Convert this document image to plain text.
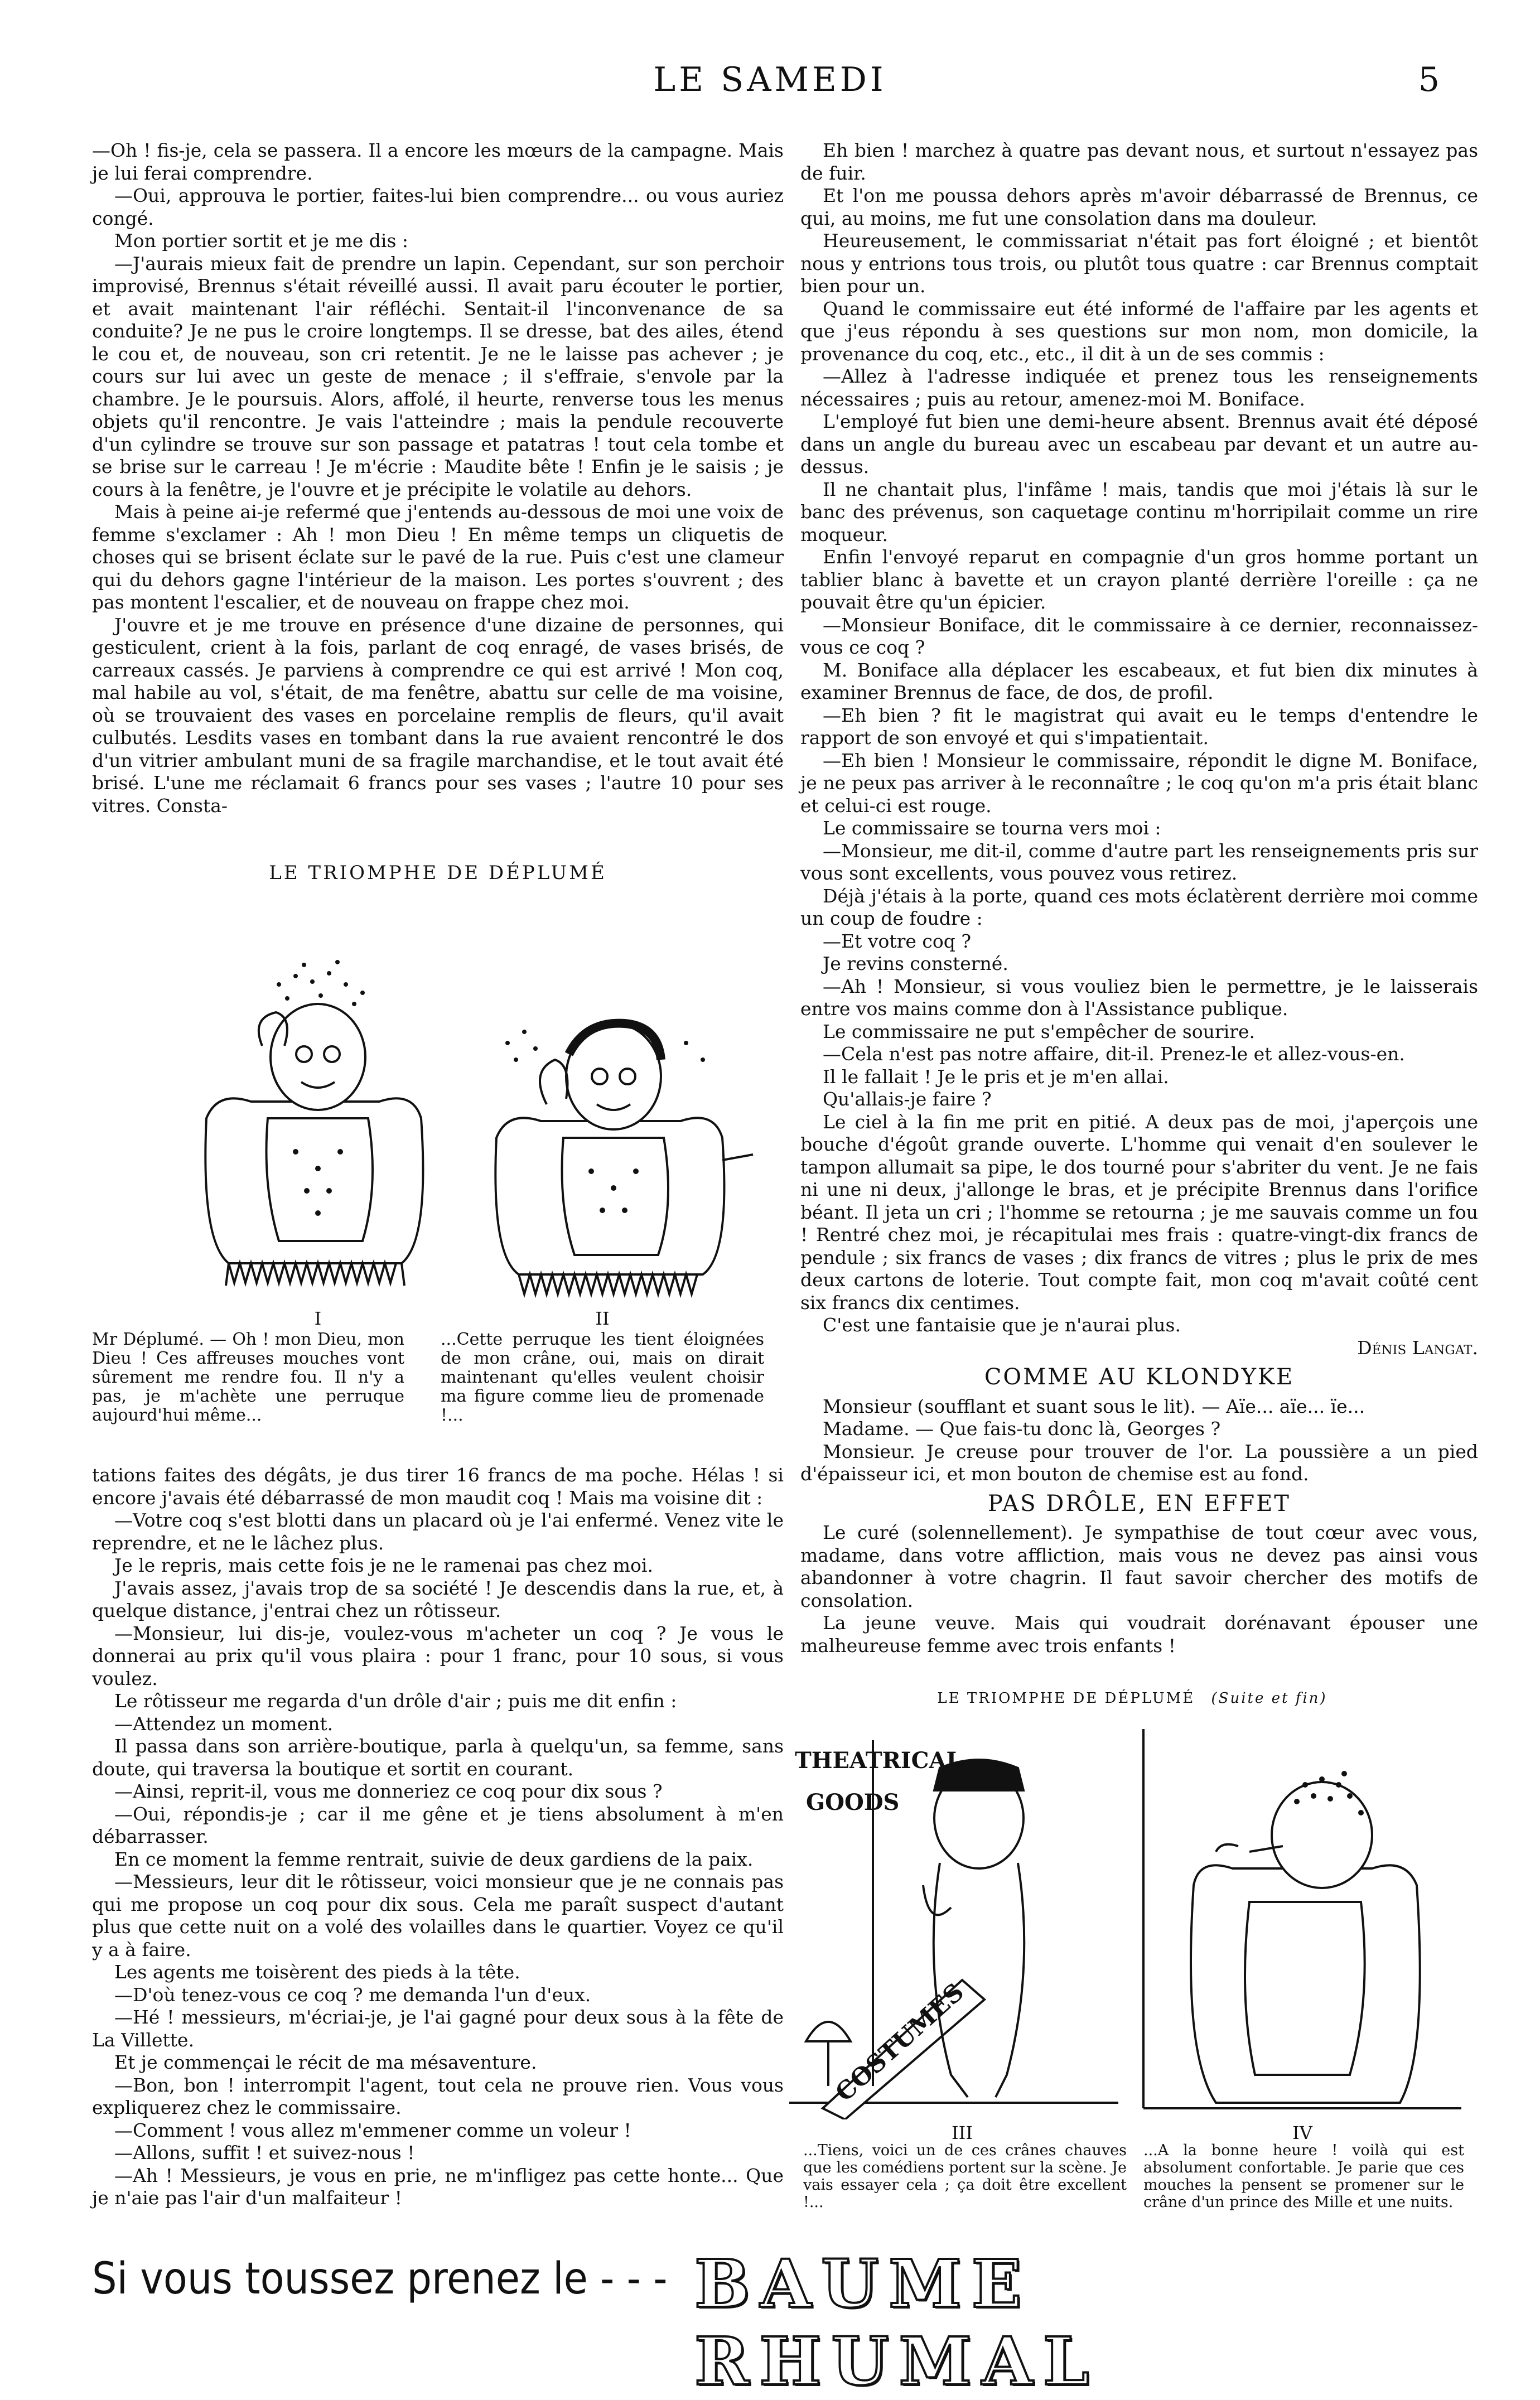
LE SAMEDI	5

—Oh ! fis-je, cela se passera. Il a encore les mœurs de la campagne. Mais je lui ferai comprendre.

—Oui, approuva le portier, faites-lui bien comprendre... ou vous auriez congé.

Mon portier sortit et je me dis :

—J'aurais mieux fait de prendre un lapin. Cependant, sur son perchoir improvisé, Brennus s'était réveillé aussi. Il avait paru écouter le portier, et avait maintenant l'air réfléchi. Sentait-il l'inconvenance de sa conduite? Je ne pus le croire longtemps. Il se dresse, bat des ailes, étend le cou et, de nouveau, son cri retentit. Je ne le laisse pas achever ; je cours sur lui avec un geste de menace ; il s'effraie, s'envole par la chambre. Je le poursuis. Alors, affolé, il heurte, renverse tous les menus objets qu'il rencontre. Je vais l'atteindre ; mais la pendule recouverte d'un cylindre se trouve sur son passage et patatras ! tout cela tombe et se brise sur le carreau ! Je m'écrie : Maudite bête ! Enfin je le saisis ; je cours à la fenêtre, je l'ouvre et je précipite le volatile au dehors.

Mais à peine ai-je refermé que j'entends au-dessous de moi une voix de femme s'exclamer : Ah ! mon Dieu ! En même temps un cliquetis de choses qui se brisent éclate sur le pavé de la rue. Puis c'est une clameur qui du dehors gagne l'intérieur de la maison. Les portes s'ouvrent ; des pas montent l'escalier, et de nouveau on frappe chez moi.

J'ouvre et je me trouve en présence d'une dizaine de personnes, qui gesticulent, crient à la fois, parlant de coq enragé, de vases brisés, de carreaux cassés. Je parviens à comprendre ce qui est arrivé ! Mon coq, mal habile au vol, s'était, de ma fenêtre, abattu sur celle de ma voisine, où se trouvaient des vases en porcelaine remplis de fleurs, qu'il avait culbutés. Lesdits vases en tombant dans la rue avaient rencontré le dos d'un vitrier ambulant muni de sa fragile marchandise, et le tout avait été brisé. L'une me réclamait 6 francs pour ses vases ; l'autre 10 pour ses vitres. Consta-

LE TRIOMPHE DE DÉPLUMÉ
I
Mr Déplumé. — Oh ! mon Dieu, mon Dieu ! Ces affreuses mouches vont sûrement me rendre fou. Il n'y a pas, je m'achète une perruque aujourd'hui même...
II
...Cette perruque les tient éloignées de mon crâne, oui, mais on dirait maintenant qu'elles veulent choisir ma figure comme lieu de promenade !...

tations faites des dégâts, je dus tirer 16 francs de ma poche. Hélas ! si encore j'avais été débarrassé de mon maudit coq ! Mais ma voisine dit :

—Votre coq s'est blotti dans un placard où je l'ai enfermé. Venez vite le reprendre, et ne le lâchez plus.

Je le repris, mais cette fois je ne le ramenai pas chez moi.

J'avais assez, j'avais trop de sa société ! Je descendis dans la rue, et, à quelque distance, j'entrai chez un rôtisseur.

—Monsieur, lui dis-je, voulez-vous m'acheter un coq ? Je vous le donnerai au prix qu'il vous plaira : pour 1 franc, pour 10 sous, si vous voulez.

Le rôtisseur me regarda d'un drôle d'air ; puis me dit enfin :

—Attendez un moment.

Il passa dans son arrière-boutique, parla à quelqu'un, sa femme, sans doute, qui traversa la boutique et sortit en courant.

—Ainsi, reprit-il, vous me donneriez ce coq pour dix sous ?

—Oui, répondis-je ; car il me gêne et je tiens absolument à m'en débarrasser.

En ce moment la femme rentrait, suivie de deux gardiens de la paix.

—Messieurs, leur dit le rôtisseur, voici monsieur que je ne connais pas qui me propose un coq pour dix sous. Cela me paraît suspect d'autant plus que cette nuit on a volé des volailles dans le quartier. Voyez ce qu'il y a à faire.

Les agents me toisèrent des pieds à la tête.

—D'où tenez-vous ce coq ? me demanda l'un d'eux.

—Hé ! messieurs, m'écriai-je, je l'ai gagné pour deux sous à la fête de La Villette.

Et je commençai le récit de ma mésaventure.

—Bon, bon ! interrompit l'agent, tout cela ne prouve rien. Vous vous expliquerez chez le commissaire.

—Comment ! vous allez m'emmener comme un voleur !

—Allons, suffit ! et suivez-nous !

—Ah ! Messieurs, je vous en prie, ne m'infligez pas cette honte... Que je n'aie pas l'air d'un malfaiteur !

Eh bien ! marchez à quatre pas devant nous, et surtout n'essayez pas de fuir.

Et l'on me poussa dehors après m'avoir débarrassé de Brennus, ce qui, au moins, me fut une consolation dans ma douleur.

Heureusement, le commissariat n'était pas fort éloigné ; et bientôt nous y entrions tous trois, ou plutôt tous quatre : car Brennus comptait bien pour un.

Quand le commissaire eut été informé de l'affaire par les agents et que j'eus répondu à ses questions sur mon nom, mon domicile, la provenance du coq, etc., etc., il dit à un de ses commis :

—Allez à l'adresse indiquée et prenez tous les renseignements nécessaires ; puis au retour, amenez-moi M. Boniface.

L'employé fut bien une demi-heure absent. Brennus avait été déposé dans un angle du bureau avec un escabeau par devant et un autre au-dessus.

Il ne chantait plus, l'infâme ! mais, tandis que moi j'étais là sur le banc des prévenus, son caquetage continu m'horripilait comme un rire moqueur.

Enfin l'envoyé reparut en compagnie d'un gros homme portant un tablier blanc à bavette et un crayon planté derrière l'oreille : ça ne pouvait être qu'un épicier.

—Monsieur Boniface, dit le commissaire à ce dernier, reconnaissez-vous ce coq ?

M. Boniface alla déplacer les escabeaux, et fut bien dix minutes à examiner Brennus de face, de dos, de profil.

—Eh bien ? fit le magistrat qui avait eu le temps d'entendre le rapport de son envoyé et qui s'impatientait.

—Eh bien ! Monsieur le commissaire, répondit le digne M. Boniface, je ne peux pas arriver à le reconnaître ; le coq qu'on m'a pris était blanc et celui-ci est rouge.

Le commissaire se tourna vers moi :

—Monsieur, me dit-il, comme d'autre part les renseignements pris sur vous sont excellents, vous pouvez vous retirez.

Déjà j'étais à la porte, quand ces mots éclatèrent derrière moi comme un coup de foudre :

—Et votre coq ?

Je revins consterné.

—Ah ! Monsieur, si vous vouliez bien le permettre, je le laisserais entre vos mains comme don à l'Assistance publique.

Le commissaire ne put s'empêcher de sourire.

—Cela n'est pas notre affaire, dit-il. Prenez-le et allez-vous-en.

Il le fallait ! Je le pris et je m'en allai.

Qu'allais-je faire ?

Le ciel à la fin me prit en pitié. A deux pas de moi, j'aperçois une bouche d'égoût grande ouverte. L'homme qui venait d'en soulever le tampon allumait sa pipe, le dos tourné pour s'abriter du vent. Je ne fais ni une ni deux, j'allonge le bras, et je précipite Brennus dans l'orifice béant. Il jeta un cri ; l'homme se retourna ; je me sauvais comme un fou ! Rentré chez moi, je récapitulai mes frais : quatre-vingt-dix francs de pendule ; six francs de vases ; dix francs de vitres ; plus le prix de mes deux cartons de loterie. Tout compte fait, mon coq m'avait coûté cent six francs dix centimes.

C'est une fantaisie que je n'aurai plus.

Dénis Langat.
COMME AU KLONDYKE

Monsieur (soufflant et suant sous le lit). — Aïe... aïe... ïe...

Madame. — Que fais-tu donc là, Georges ?

Monsieur. Je creuse pour trouver de l'or. La poussière a un pied d'épaisseur ici, et mon bouton de chemise est au fond.

PAS DRÔLE, EN EFFET

Le curé (solennellement). Je sympathise de tout cœur avec vous, madame, dans votre affliction, mais vous ne devez pas ainsi vous abandonner à votre chagrin. Il faut savoir chercher des motifs de consolation.

La jeune veuve. Mais qui voudrait dorénavant épouser une malheureuse femme avec trois enfants !

LE TRIOMPHE DE DÉPLUMÉ (Suite et fin)
THEATRICAL
GOODS
COSTUMES
III
...Tiens, voici un de ces crânes chauves que les comédiens portent sur la scène. Je vais essayer cela ; ça doit être excellent !...
IV
...A la bonne heure ! voilà qui est absolument confortable. Je parie que ces mouches la pensent se promener sur le crâne d'un prince des Mille et une nuits.
Si vous toussez prenez le - - - BAUME RHUMAL
